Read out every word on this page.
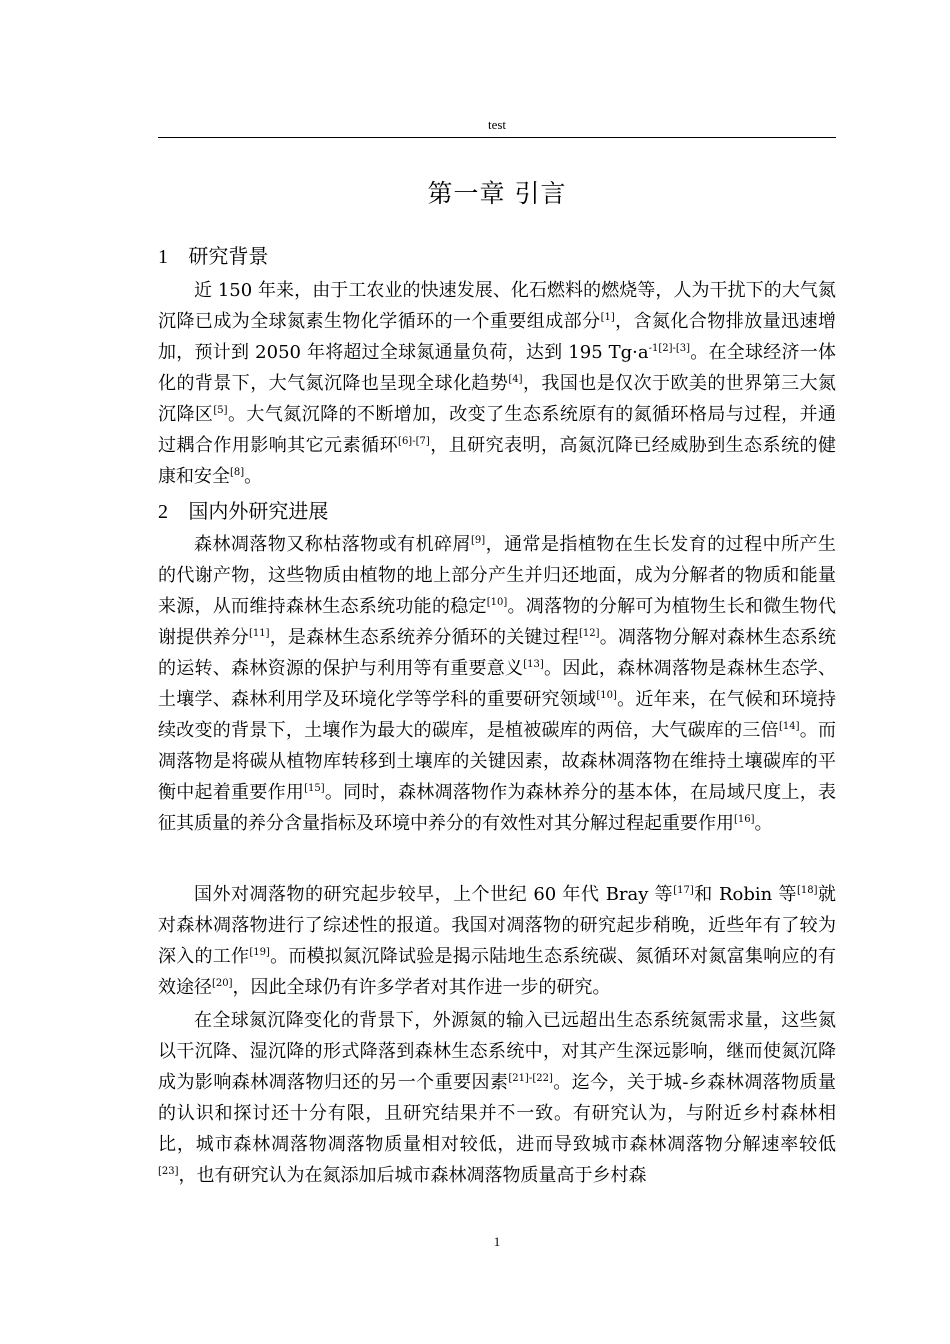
test
第一章 引言
1 研究背景
近 150 年来，由于工农业的快速发展、化石燃料的燃烧等，人为干扰下的大气氮沉降已成为全球氮素生物化学循环的一个重要组成部分[1]，含氮化合物排放量迅速增加，预计到 2050 年将超过全球氮通量负荷，达到 195 $Tg\cdot a^{-1[2]-[3]}$。在全球经济一体化的背景下，大气氮沉降也呈现全球化趋势[4]，我国也是仅次于欧美的世界第三大氮沉降区[5]。大气氮沉降的不断增加，改变了生态系统原有的氮循环格局与过程，并通过耦合作用影响其它元素循环[6]-[7]，且研究表明，高氮沉降已经威胁到生态系统的健康和安全[8]。
2 国内外研究进展
森林凋落物又称枯落物或有机碎屑[9]，通常是指植物在生长发育的过程中所产生的代谢产物，这些物质由植物的地上部分产生并归还地面，成为分解者的物质和能量来源，从而维持森林生态系统功能的稳定[10]。凋落物的分解可为植物生长和微生物代谢提供养分[11]，是森林生态系统养分循环的关键过程[12]。凋落物分解对森林生态系统的运转、森林资源的保护与利用等有重要意义[13]。因此，森林凋落物是森林生态学、土壤学、森林利用学及环境化学等学科的重要研究领域[10]。近年来，在气候和环境持续改变的背景下，土壤作为最大的碳库，是植被碳库的两倍，大气碳库的三倍[14]。而凋落物是将碳从植物库转移到土壤库的关键因素，故森林凋落物在维持土壤碳库的平衡中起着重要作用[15]。同时，森林凋落物作为森林养分的基本体，在局域尺度上，表征其质量的养分含量指标及环境中养分的有效性对其分解过程起重要作用[16]。
国外对凋落物的研究起步较早，上个世纪 60 年代 Bray 等[17]和 Robin 等[18]就对森林凋落物进行了综述性的报道。我国对凋落物的研究起步稍晚，近些年有了较为深入的工作[19]。而模拟氮沉降试验是揭示陆地生态系统碳、氮循环对氮富集响应的有效途径[20]，因此全球仍有许多学者对其作进一步的研究。
在全球氮沉降变化的背景下，外源氮的输入已远超出生态系统氮需求量，这些氮以干沉降、湿沉降的形式降落到森林生态系统中，对其产生深远影响，继而使氮沉降成为影响森林凋落物归还的另一个重要因素[21]-[22]。迄今，关于城-乡森林凋落物质量的认识和探讨还十分有限，且研究结果并不一致。有研究认为，与附近乡村森林相比，城市森林凋落物凋落物质量相对较低，进而导致城市森林凋落物分解速率较低[23]，也有研究认为在氮添加后城市森林凋落物质量高于乡村森
1
